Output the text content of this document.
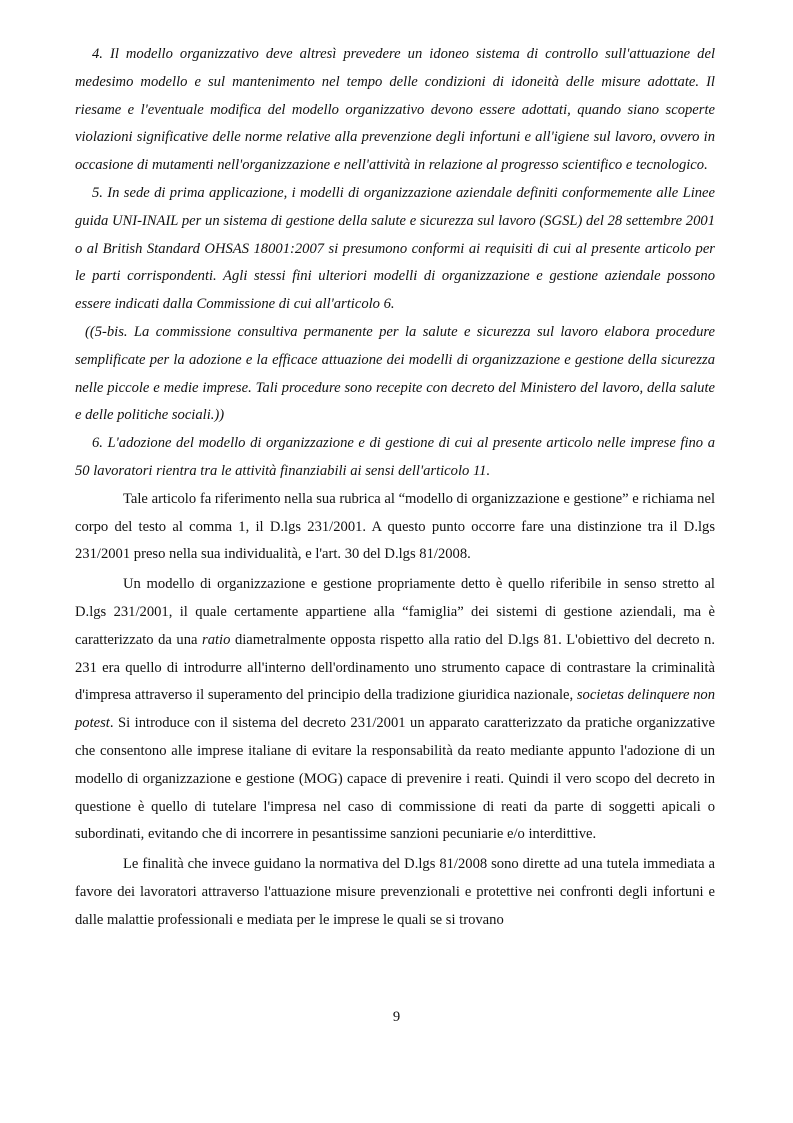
4. Il modello organizzativo deve altresì prevedere un idoneo sistema di controllo sull'attuazione del medesimo modello e sul mantenimento nel tempo delle condizioni di idoneità delle misure adottate. Il riesame e l'eventuale modifica del modello organizzativo devono essere adottati, quando siano scoperte violazioni significative delle norme relative alla prevenzione degli infortuni e all'igiene sul lavoro, ovvero in occasione di mutamenti nell'organizzazione e nell'attività in relazione al progresso scientifico e tecnologico.

5. In sede di prima applicazione, i modelli di organizzazione aziendale definiti conformemente alle Linee guida UNI-INAIL per un sistema di gestione della salute e sicurezza sul lavoro (SGSL) del 28 settembre 2001 o al British Standard OHSAS 18001:2007 si presumono conformi ai requisiti di cui al presente articolo per le parti corrispondenti. Agli stessi fini ulteriori modelli di organizzazione e gestione aziendale possono essere indicati dalla Commissione di cui all'articolo 6.

((5-bis. La commissione consultiva permanente per la salute e sicurezza sul lavoro elabora procedure semplificate per la adozione e la efficace attuazione dei modelli di organizzazione e gestione della sicurezza nelle piccole e medie imprese. Tali procedure sono recepite con decreto del Ministero del lavoro, della salute e delle politiche sociali.))

6. L'adozione del modello di organizzazione e di gestione di cui al presente articolo nelle imprese fino a 50 lavoratori rientra tra le attività finanziabili ai sensi dell'articolo 11.

Tale articolo fa riferimento nella sua rubrica al “modello di organizzazione e gestione” e richiama nel corpo del testo al comma 1, il D.lgs 231/2001. A questo punto occorre fare una distinzione tra il D.lgs 231/2001 preso nella sua individualità, e l'art. 30 del D.lgs 81/2008.

Un modello di organizzazione e gestione propriamente detto è quello riferibile in senso stretto al D.lgs 231/2001, il quale certamente appartiene alla “famiglia” dei sistemi di gestione aziendali, ma è caratterizzato da una ratio diametralmente opposta rispetto alla ratio del D.lgs 81. L'obiettivo del decreto n. 231 era quello di introdurre all'interno dell'ordinamento uno strumento capace di contrastare la criminalità d'impresa attraverso il superamento del principio della tradizione giuridica nazionale, societas delinquere non potest. Si introduce con il sistema del decreto 231/2001 un apparato caratterizzato da pratiche organizzative che consentono alle imprese italiane di evitare la responsabilità da reato mediante appunto l'adozione di un modello di organizzazione e gestione (MOG) capace di prevenire i reati. Quindi il vero scopo del decreto in questione è quello di tutelare l'impresa nel caso di commissione di reati da parte di soggetti apicali o subordinati, evitando che di incorrere in pesantissime sanzioni pecuniarie e/o interdittive.

Le finalità che invece guidano la normativa del D.lgs 81/2008 sono dirette ad una tutela immediata a favore dei lavoratori attraverso l'attuazione misure prevenzionali e protettive nei confronti degli infortuni e dalle malattie professionali e mediata per le imprese le quali se si trovano

9
